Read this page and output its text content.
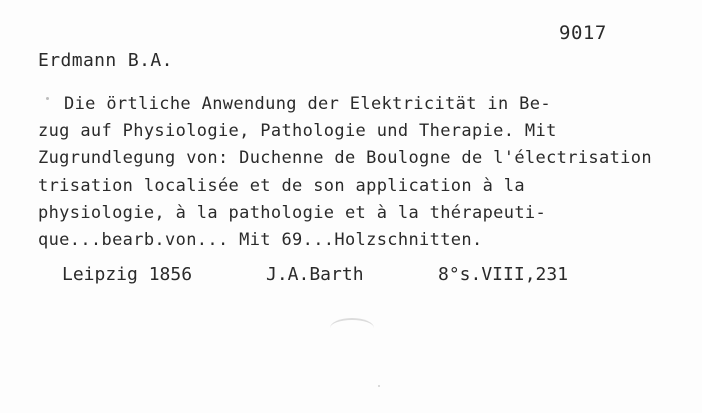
9017
Erdmann B.A.
Die örtliche Anwendung der Elektricität in Be-
zug auf Physiologie, Pathologie und Therapie. Mit
Zugrundlegung von: Duchenne de Boulogne de l'électrisation
trisation localisée et de son application à la
physiologie, à la pathologie et à la thérapeuti-
que...bearb.von... Mit 69...Holzschnitten.
Leipzig 1856	J.A.Barth	8°s.VIII,231
